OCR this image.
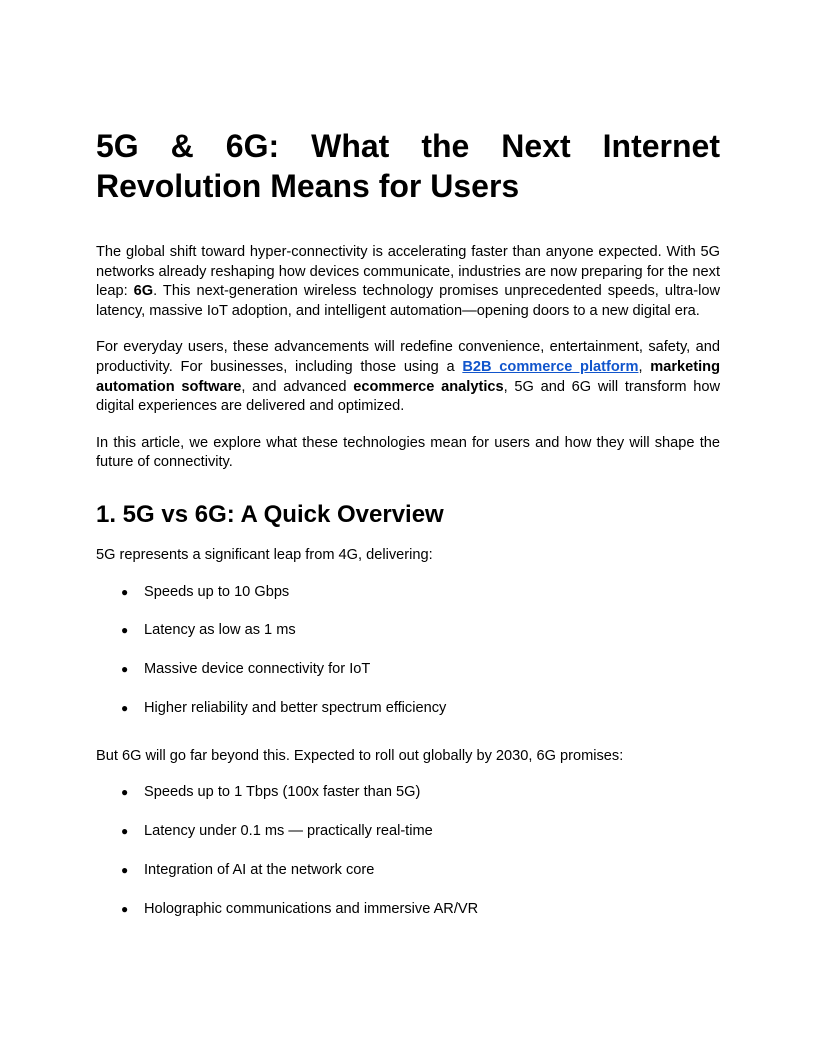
5G & 6G: What the Next Internet Revolution Means for Users

The global shift toward hyper-connectivity is accelerating faster than anyone expected. With 5G networks already reshaping how devices communicate, industries are now preparing for the next leap: 6G. This next-generation wireless technology promises unprecedented speeds, ultra-low latency, massive IoT adoption, and intelligent automation—opening doors to a new digital era.

For everyday users, these advancements will redefine convenience, entertainment, safety, and productivity. For businesses, including those using a B2B commerce platform, marketing automation software, and advanced ecommerce analytics, 5G and 6G will transform how digital experiences are delivered and optimized.

In this article, we explore what these technologies mean for users and how they will shape the future of connectivity.

1. 5G vs 6G: A Quick Overview

5G represents a significant leap from 4G, delivering:

● Speeds up to 10 Gbps
● Latency as low as 1 ms
● Massive device connectivity for IoT
● Higher reliability and better spectrum efficiency

But 6G will go far beyond this. Expected to roll out globally by 2030, 6G promises:

● Speeds up to 1 Tbps (100x faster than 5G)
● Latency under 0.1 ms — practically real-time
● Integration of AI at the network core
● Holographic communications and immersive AR/VR
